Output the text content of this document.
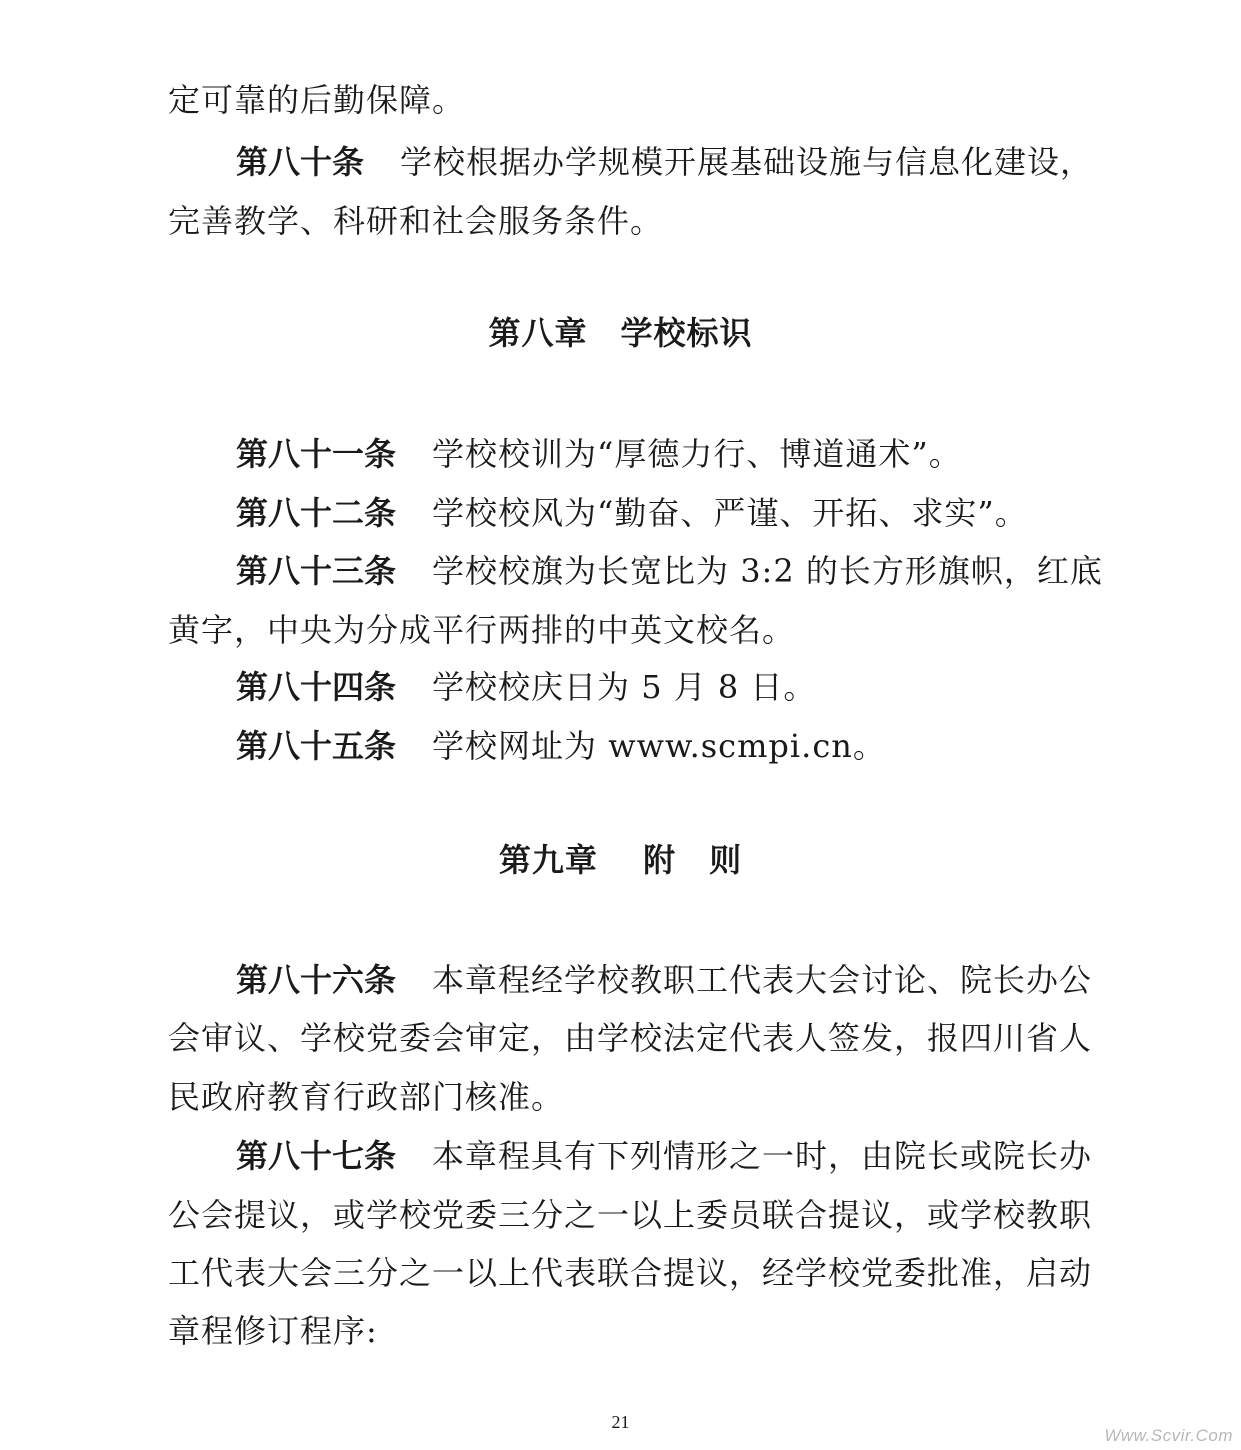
定可靠的后勤保障。
第八十条 学校根据办学规模开展基础设施与信息化建设，
完善教学、科研和社会服务条件。
第八章　学校标识
第八十一条 学校校训为“厚德力行、博道通术”。
第八十二条 学校校风为“勤奋、严谨、开拓、求实”。
第八十三条 学校校旗为长宽比为 3:2 的长方形旗帜，红底
黄字，中央为分成平行两排的中英文校名。
第八十四条 学校校庆日为 5 月 8 日。
第八十五条 学校网址为 www.scmpi.cn。
第九章　 附　则
第八十六条 本章程经学校教职工代表大会讨论、院长办公
会审议、学校党委会审定，由学校法定代表人签发，报四川省人
民政府教育行政部门核准。
第八十七条 本章程具有下列情形之一时，由院长或院长办
公会提议，或学校党委三分之一以上委员联合提议，或学校教职
工代表大会三分之一以上代表联合提议，经学校党委批准，启动
章程修订程序:
21
Www.Scvir.Com
